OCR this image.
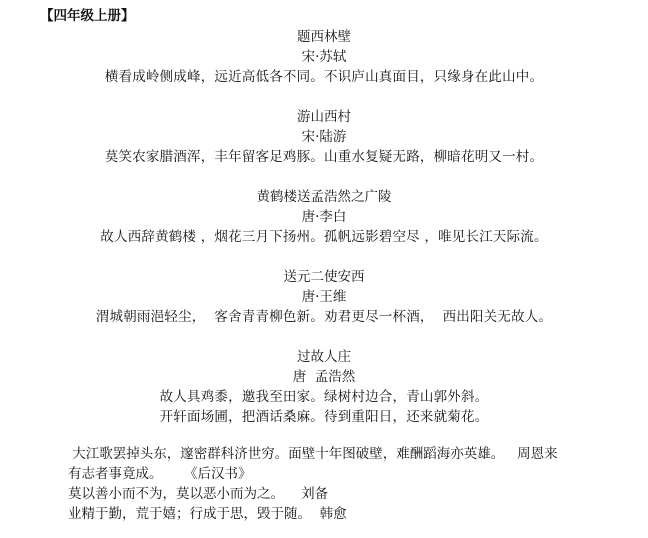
【四年级上册】
题西林壁
宋·苏轼
横看成岭侧成峰，远近高低各不同。不识庐山真面目，只缘身在此山中。
游山西村
宋·陆游
莫笑农家腊酒浑，丰年留客足鸡豚。山重水复疑无路，柳暗花明又一村。
黄鹤楼送孟浩然之广陵
唐·李白
故人西辞黄鹤楼 ，烟花三月下扬州。孤帆远影碧空尽 ，唯见长江天际流。
送元二使安西
唐·王维
渭城朝雨浥轻尘，  客舍青青柳色新。劝君更尽一杯酒，  西出阳关无故人。
过故人庄
唐  孟浩然
故人具鸡黍，邀我至田家。绿树村边合，青山郭外斜。
开轩面场圃，把酒话桑麻。待到重阳日，还来就菊花。
大江歌罢掉头东，邃密群科济世穷。面壁十年图破壁，难酬蹈海亦英雄。   周恩来
有志者事竟成。     《后汉书》
莫以善小而不为，莫以恶小而为之。    刘备
业精于勤，荒于嬉；行成于思，毁于随。  韩愈
